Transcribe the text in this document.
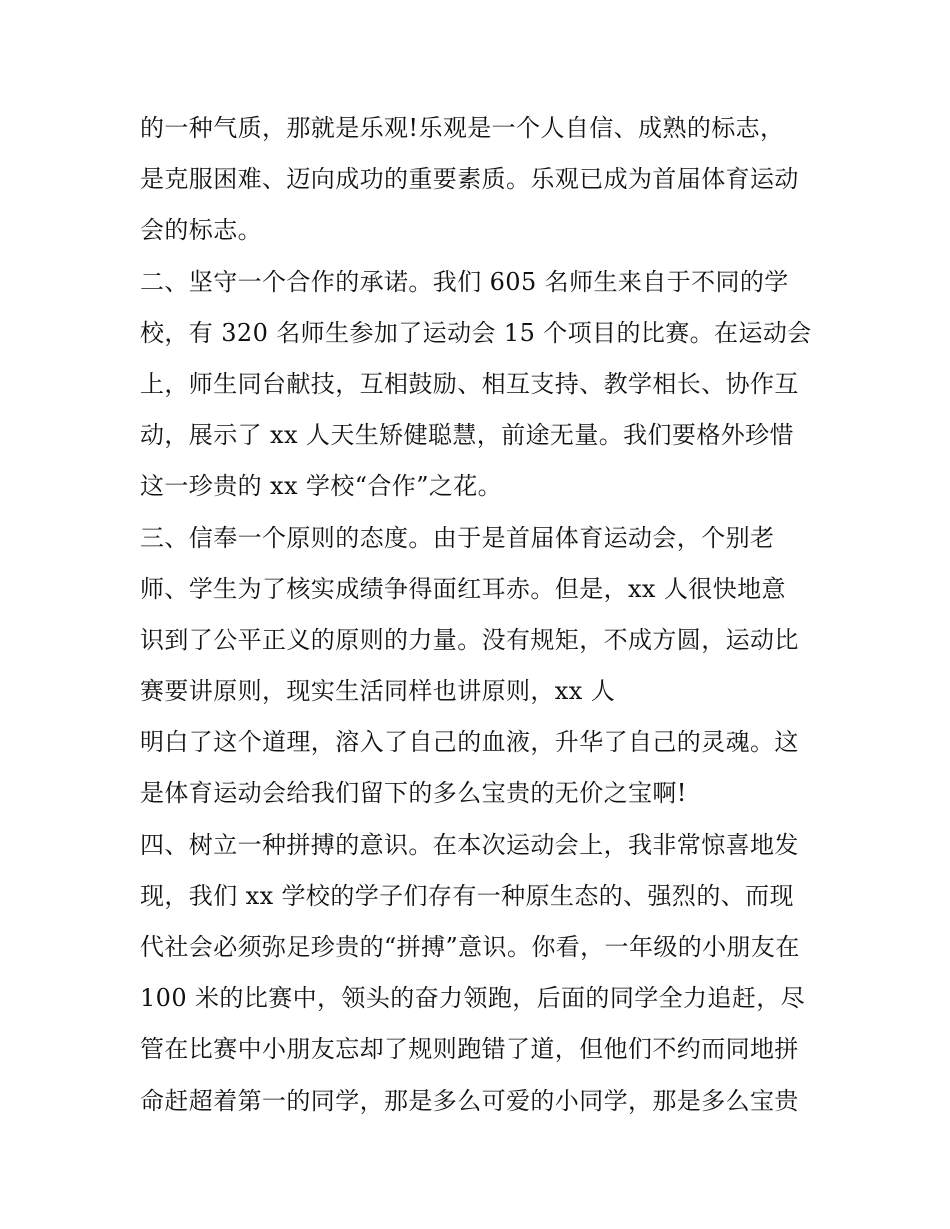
的一种气质，那就是乐观!乐观是一个人自信、成熟的标志，
是克服困难、迈向成功的重要素质。乐观已成为首届体育运动
会的标志。
二、坚守一个合作的承诺。我们 605 名师生来自于不同的学
校，有 320 名师生参加了运动会 15 个项目的比赛。在运动会
上，师生同台献技，互相鼓励、相互支持、教学相长、协作互
动，展示了 xx 人天生矫健聪慧，前途无量。我们要格外珍惜
这一珍贵的 xx 学校“合作”之花。
三、信奉一个原则的态度。由于是首届体育运动会，个别老
师、学生为了核实成绩争得面红耳赤。但是，xx 人很快地意
识到了公平正义的原则的力量。没有规矩，不成方圆，运动比
赛要讲原则，现实生活同样也讲原则，xx 人
明白了这个道理，溶入了自己的血液，升华了自己的灵魂。这
是体育运动会给我们留下的多么宝贵的无价之宝啊!
四、树立一种拼搏的意识。在本次运动会上，我非常惊喜地发
现，我们 xx 学校的学子们存有一种原生态的、强烈的、而现
代社会必须弥足珍贵的“拼搏”意识。你看，一年级的小朋友在
100 米的比赛中，领头的奋力领跑，后面的同学全力追赶，尽
管在比赛中小朋友忘却了规则跑错了道，但他们不约而同地拼
命赶超着第一的同学，那是多么可爱的小同学，那是多么宝贵
